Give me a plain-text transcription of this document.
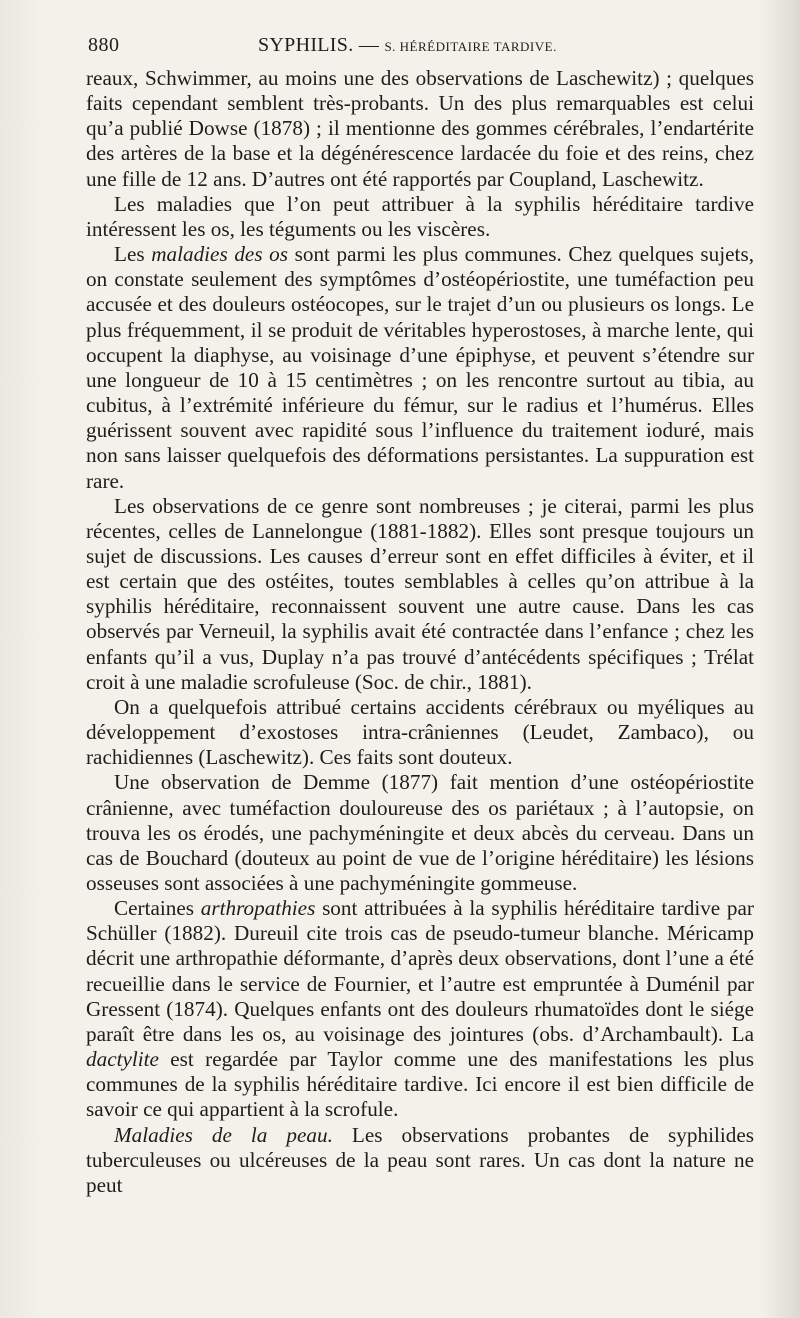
880	SYPHILIS. — S. HÉRÉDITAIRE TARDIVE.

reaux, Schwimmer, au moins une des observations de Laschewitz) ; quelques faits cependant semblent très-probants. Un des plus remarquables est celui qu’a publié Dowse (1878) ; il mentionne des gommes cérébrales, l’endartérite des artères de la base et la dégénérescence lardacée du foie et des reins, chez une fille de 12 ans. D’autres ont été rapportés par Coupland, Laschewitz.

Les maladies que l’on peut attribuer à la syphilis héréditaire tardive intéressent les os, les téguments ou les viscères.

Les maladies des os sont parmi les plus communes. Chez quelques sujets, on constate seulement des symptômes d’ostéopériostite, une tuméfaction peu accusée et des douleurs ostéocopes, sur le trajet d’un ou plusieurs os longs. Le plus fréquemment, il se produit de véritables hyperostoses, à marche lente, qui occupent la diaphyse, au voisinage d’une épiphyse, et peuvent s’étendre sur une longueur de 10 à 15 centimètres ; on les rencontre surtout au tibia, au cubitus, à l’extrémité inférieure du fémur, sur le radius et l’humérus. Elles guérissent souvent avec rapidité sous l’influence du traitement ioduré, mais non sans laisser quelquefois des déformations persistantes. La suppuration est rare.

Les observations de ce genre sont nombreuses ; je citerai, parmi les plus récentes, celles de Lannelongue (1881-1882). Elles sont presque toujours un sujet de discussions. Les causes d’erreur sont en effet difficiles à éviter, et il est certain que des ostéites, toutes semblables à celles qu’on attribue à la syphilis héréditaire, reconnaissent souvent une autre cause. Dans les cas observés par Verneuil, la syphilis avait été contractée dans l’enfance ; chez les enfants qu’il a vus, Duplay n’a pas trouvé d’antécédents spécifiques ; Trélat croit à une maladie scrofuleuse (Soc. de chir., 1881).

On a quelquefois attribué certains accidents cérébraux ou myéliques au développement d’exostoses intra-crâniennes (Leudet, Zambaco), ou rachidiennes (Laschewitz). Ces faits sont douteux.

Une observation de Demme (1877) fait mention d’une ostéopériostite crânienne, avec tuméfaction douloureuse des os pariétaux ; à l’autopsie, on trouva les os érodés, une pachyméningite et deux abcès du cerveau. Dans un cas de Bouchard (douteux au point de vue de l’origine héréditaire) les lésions osseuses sont associées à une pachyméningite gommeuse.

Certaines arthropathies sont attribuées à la syphilis héréditaire tardive par Schüller (1882). Dureuil cite trois cas de pseudo-tumeur blanche. Méricamp décrit une arthropathie déformante, d’après deux observations, dont l’une a été recueillie dans le service de Fournier, et l’autre est empruntée à Duménil par Gressent (1874). Quelques enfants ont des douleurs rhumatoïdes dont le siége paraît être dans les os, au voisinage des jointures (obs. d’Archambault). La dactylite est regardée par Taylor comme une des manifestations les plus communes de la syphilis héréditaire tardive. Ici encore il est bien difficile de savoir ce qui appartient à la scrofule.

Maladies de la peau. Les observations probantes de syphilides tuberculeuses ou ulcéreuses de la peau sont rares. Un cas dont la nature ne peut
